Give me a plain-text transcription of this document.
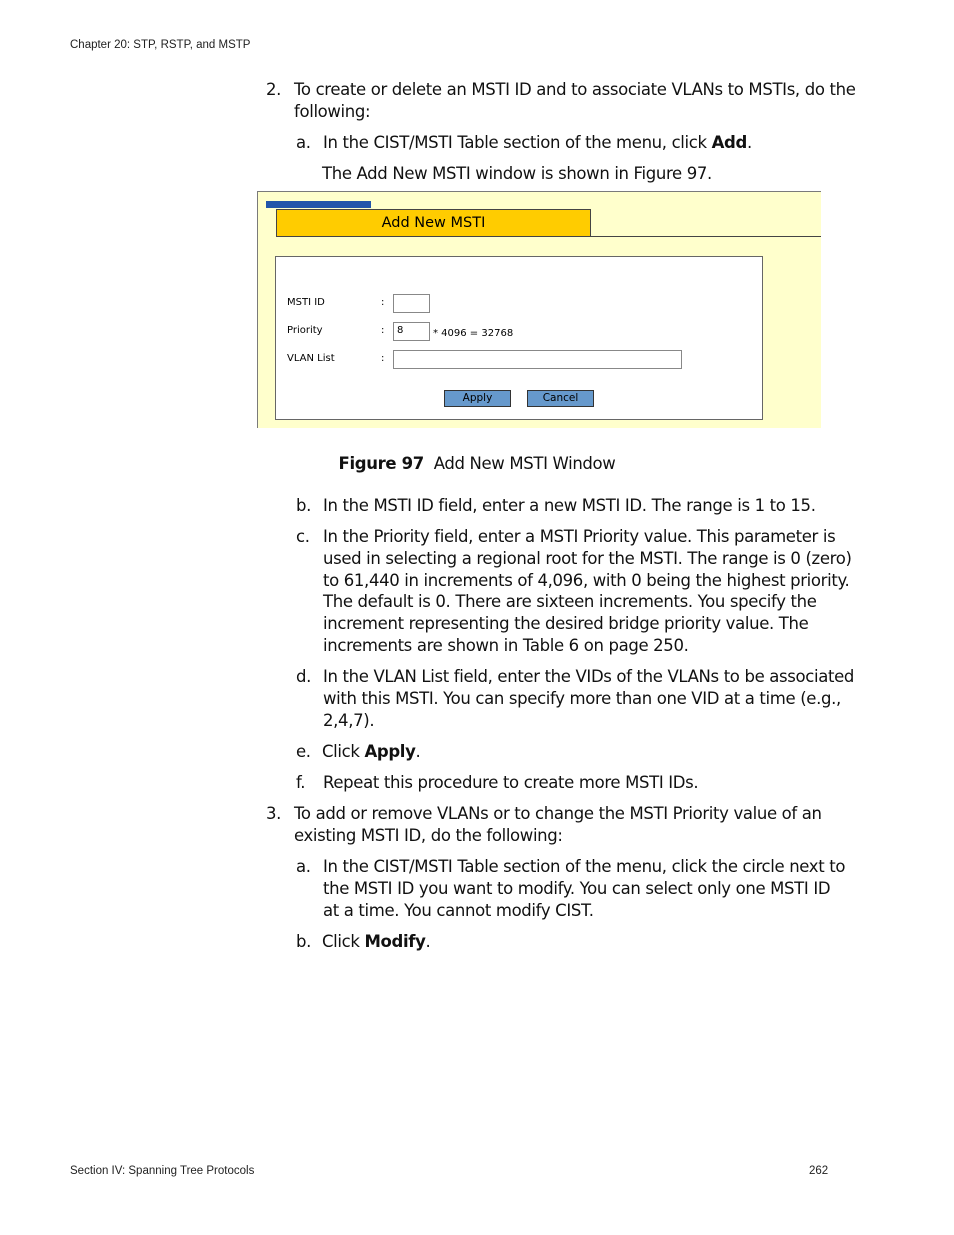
Chapter 20: STP, RSTP, and MSTP
2. To create or delete an MSTI ID and to associate VLANs to MSTIs, do the
following:
a. In the CIST/MSTI Table section of the menu, click Add.
The Add New MSTI window is shown in Figure 97.
Add New MSTI
MSTI ID	:
Priority	:	8	* 4096 = 32768
VLAN List	:
Apply	Cancel
Figure 97 Add New MSTI Window
b. In the MSTI ID field, enter a new MSTI ID. The range is 1 to 15.
c. In the Priority field, enter a MSTI Priority value. This parameter is
used in selecting a regional root for the MSTI. The range is 0 (zero)
to 61,440 in increments of 4,096, with 0 being the highest priority.
The default is 0. There are sixteen increments. You specify the
increment representing the desired bridge priority value. The
increments are shown in Table 6 on page 250.
d. In the VLAN List field, enter the VIDs of the VLANs to be associated
with this MSTI. You can specify more than one VID at a time (e.g.,
2,4,7).
e. Click Apply.
f. Repeat this procedure to create more MSTI IDs.
3. To add or remove VLANs or to change the MSTI Priority value of an
existing MSTI ID, do the following:
a. In the CIST/MSTI Table section of the menu, click the circle next to
the MSTI ID you want to modify. You can select only one MSTI ID
at a time. You cannot modify CIST.
b. Click Modify.
Section IV: Spanning Tree Protocols	262
